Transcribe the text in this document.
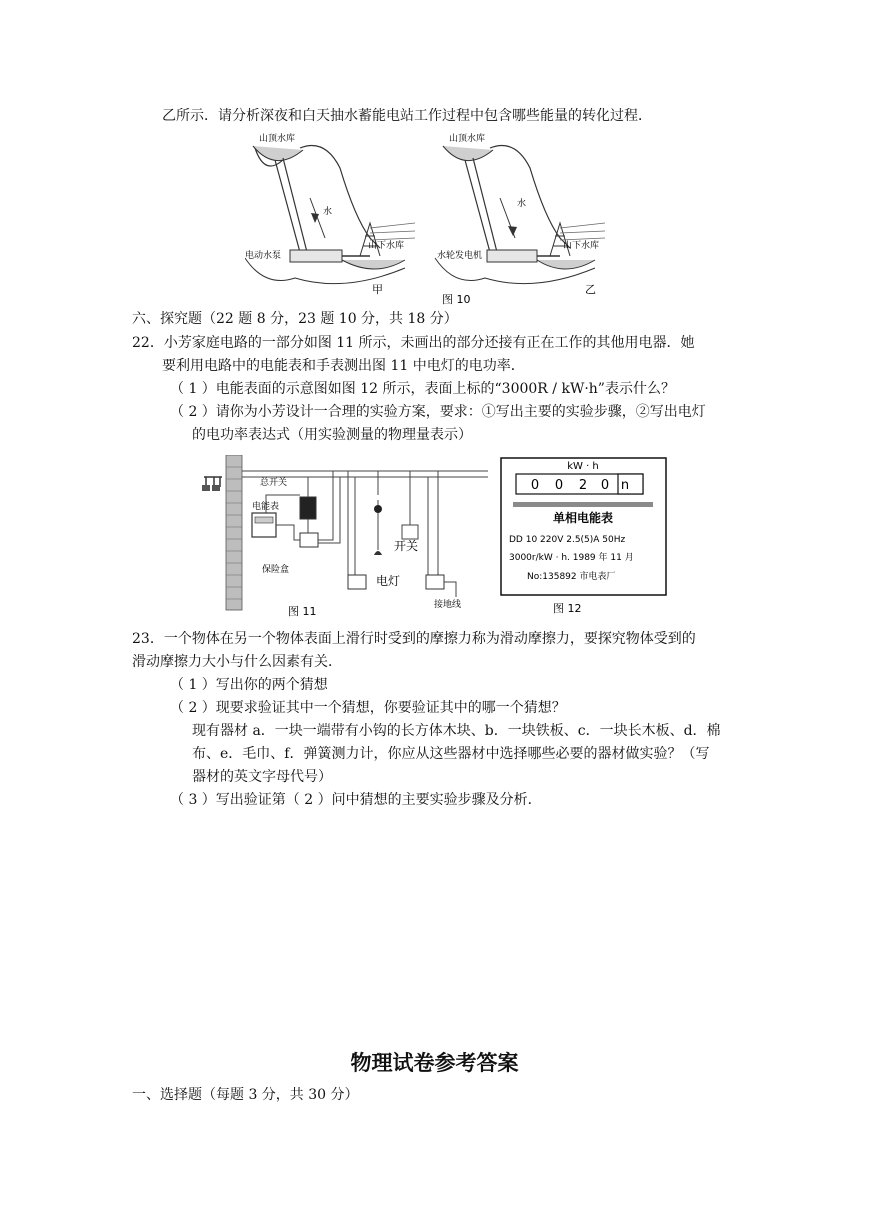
乙所示．请分析深夜和白天抽水蓄能电站工作过程中包含哪些能量的转化过程．
山顶水库
水
电动水泵
山下水库
甲
山顶水库
水
水轮发电机
山下水库
乙
图 10
六、探究题（22 题 8 分，23 题 10 分，共 18 分）
22．小芳家庭电路的一部分如图 11 所示，未画出的部分还接有正在工作的其他用电器．她
要利用电路中的电能表和手表测出图 11 中电灯的电功率．
（ 1 ）电能表面的示意图如图 12 所示，表面上标的“3000R / kW·h”表示什么？
（ 2 ）请你为小芳设计一合理的实验方案，要求：①写出主要的实验步骤，②写出电灯
的电功率表达式（用实验测量的物理量表示）
总开关
电能表
保险盒
开关
电灯
接地线
图 11
kW · h
0 0 2 0 n
单相电能表
DD 10 220V 2.5(5)A 50Hz
3000r/kW · h. 1989 年 11 月
No:135892 市电表厂
图 12
23．一个物体在另一个物体表面上滑行时受到的摩擦力称为滑动摩擦力，要探究物体受到的
滑动摩擦力大小与什么因素有关．
（ 1 ）写出你的两个猜想
（ 2 ）现要求验证其中一个猜想，你要验证其中的哪一个猜想？
现有器材 a．一块一端带有小钩的长方体木块、b．一块铁板、c．一块长木板、d．棉
布、e．毛巾、f．弹簧测力计，你应从这些器材中选择哪些必要的器材做实验？（写
器材的英文字母代号）
（ 3 ）写出验证第（ 2 ）问中猜想的主要实验步骤及分析．
物理试卷参考答案
一、选择题（每题 3 分，共 30 分）
